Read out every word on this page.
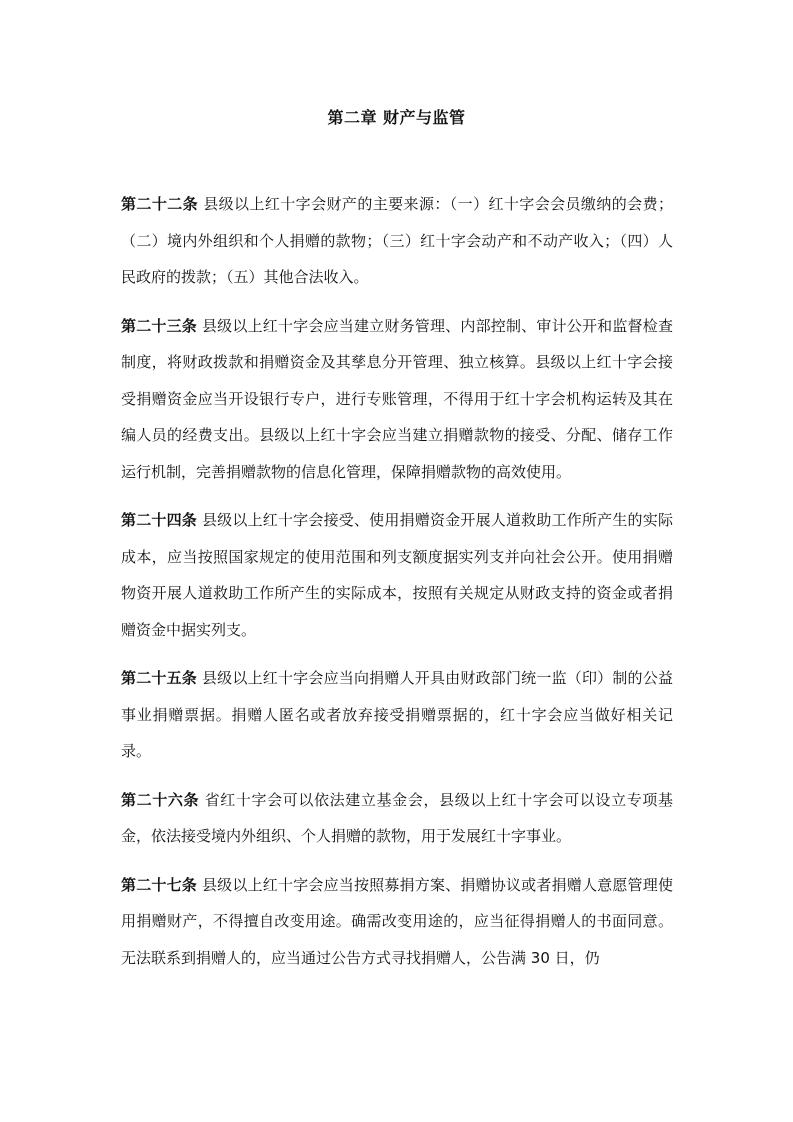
第二章 财产与监管

第二十二条 县级以上红十字会财产的主要来源：（一）红十字会会员缴纳的会费；（二）境内外组织和个人捐赠的款物；（三）红十字会动产和不动产收入；（四）人民政府的拨款；（五）其他合法收入。

第二十三条 县级以上红十字会应当建立财务管理、内部控制、审计公开和监督检查制度，将财政拨款和捐赠资金及其孳息分开管理、独立核算。县级以上红十字会接受捐赠资金应当开设银行专户，进行专账管理，不得用于红十字会机构运转及其在编人员的经费支出。县级以上红十字会应当建立捐赠款物的接受、分配、储存工作运行机制，完善捐赠款物的信息化管理，保障捐赠款物的高效使用。

第二十四条 县级以上红十字会接受、使用捐赠资金开展人道救助工作所产生的实际成本，应当按照国家规定的使用范围和列支额度据实列支并向社会公开。使用捐赠物资开展人道救助工作所产生的实际成本，按照有关规定从财政支持的资金或者捐赠资金中据实列支。

第二十五条 县级以上红十字会应当向捐赠人开具由财政部门统一监（印）制的公益事业捐赠票据。捐赠人匿名或者放弃接受捐赠票据的，红十字会应当做好相关记录。

第二十六条 省红十字会可以依法建立基金会，县级以上红十字会可以设立专项基金，依法接受境内外组织、个人捐赠的款物，用于发展红十字事业。

第二十七条 县级以上红十字会应当按照募捐方案、捐赠协议或者捐赠人意愿管理使用捐赠财产，不得擅自改变用途。确需改变用途的，应当征得捐赠人的书面同意。无法联系到捐赠人的，应当通过公告方式寻找捐赠人，公告满 30 日，仍
